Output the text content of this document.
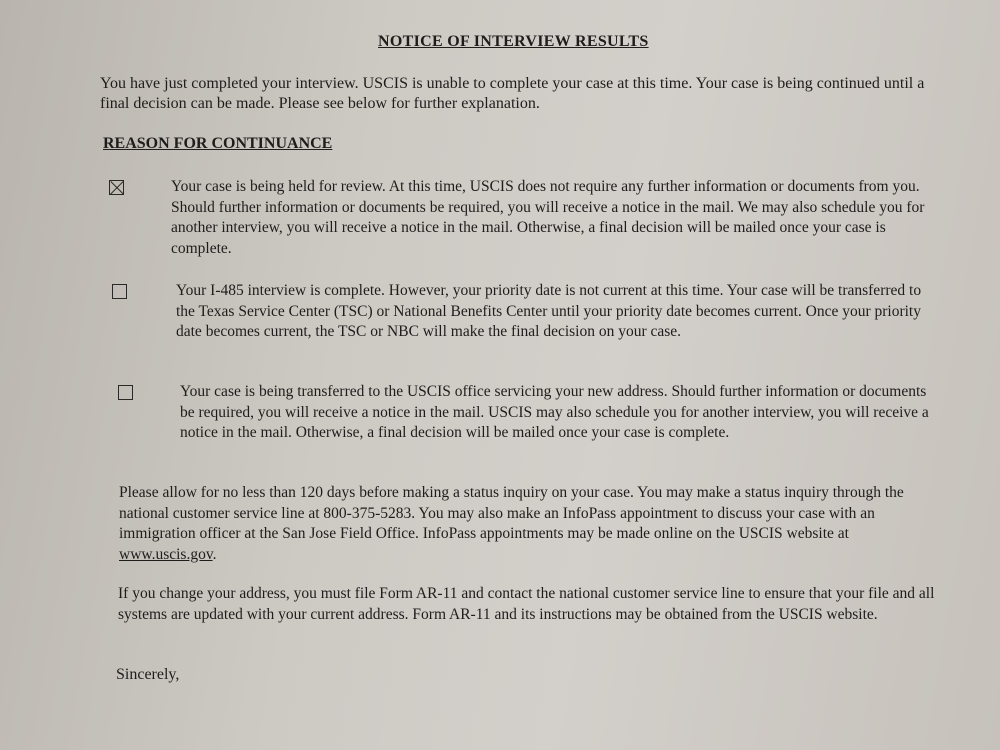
NOTICE OF INTERVIEW RESULTS
You have just completed your interview. USCIS is unable to complete your case at this time. Your case is being continued until a final decision can be made. Please see below for further explanation.
REASON FOR CONTINUANCE
Your case is being held for review. At this time, USCIS does not require any further information or documents from you. Should further information or documents be required, you will receive a notice in the mail. We may also schedule you for another interview, you will receive a notice in the mail. Otherwise, a final decision will be mailed once your case is complete.
Your I-485 interview is complete. However, your priority date is not current at this time. Your case will be transferred to the Texas Service Center (TSC) or National Benefits Center until your priority date becomes current. Once your priority date becomes current, the TSC or NBC will make the final decision on your case.
Your case is being transferred to the USCIS office servicing your new address. Should further information or documents be required, you will receive a notice in the mail. USCIS may also schedule you for another interview, you will receive a notice in the mail. Otherwise, a final decision will be mailed once your case is complete.
Please allow for no less than 120 days before making a status inquiry on your case. You may make a status inquiry through the national customer service line at 800-375-5283. You may also make an InfoPass appointment to discuss your case with an immigration officer at the San Jose Field Office. InfoPass appointments may be made online on the USCIS website at www.uscis.gov.
If you change your address, you must file Form AR-11 and contact the national customer service line to ensure that your file and all systems are updated with your current address. Form AR-11 and its instructions may be obtained from the USCIS website.
Sincerely,
